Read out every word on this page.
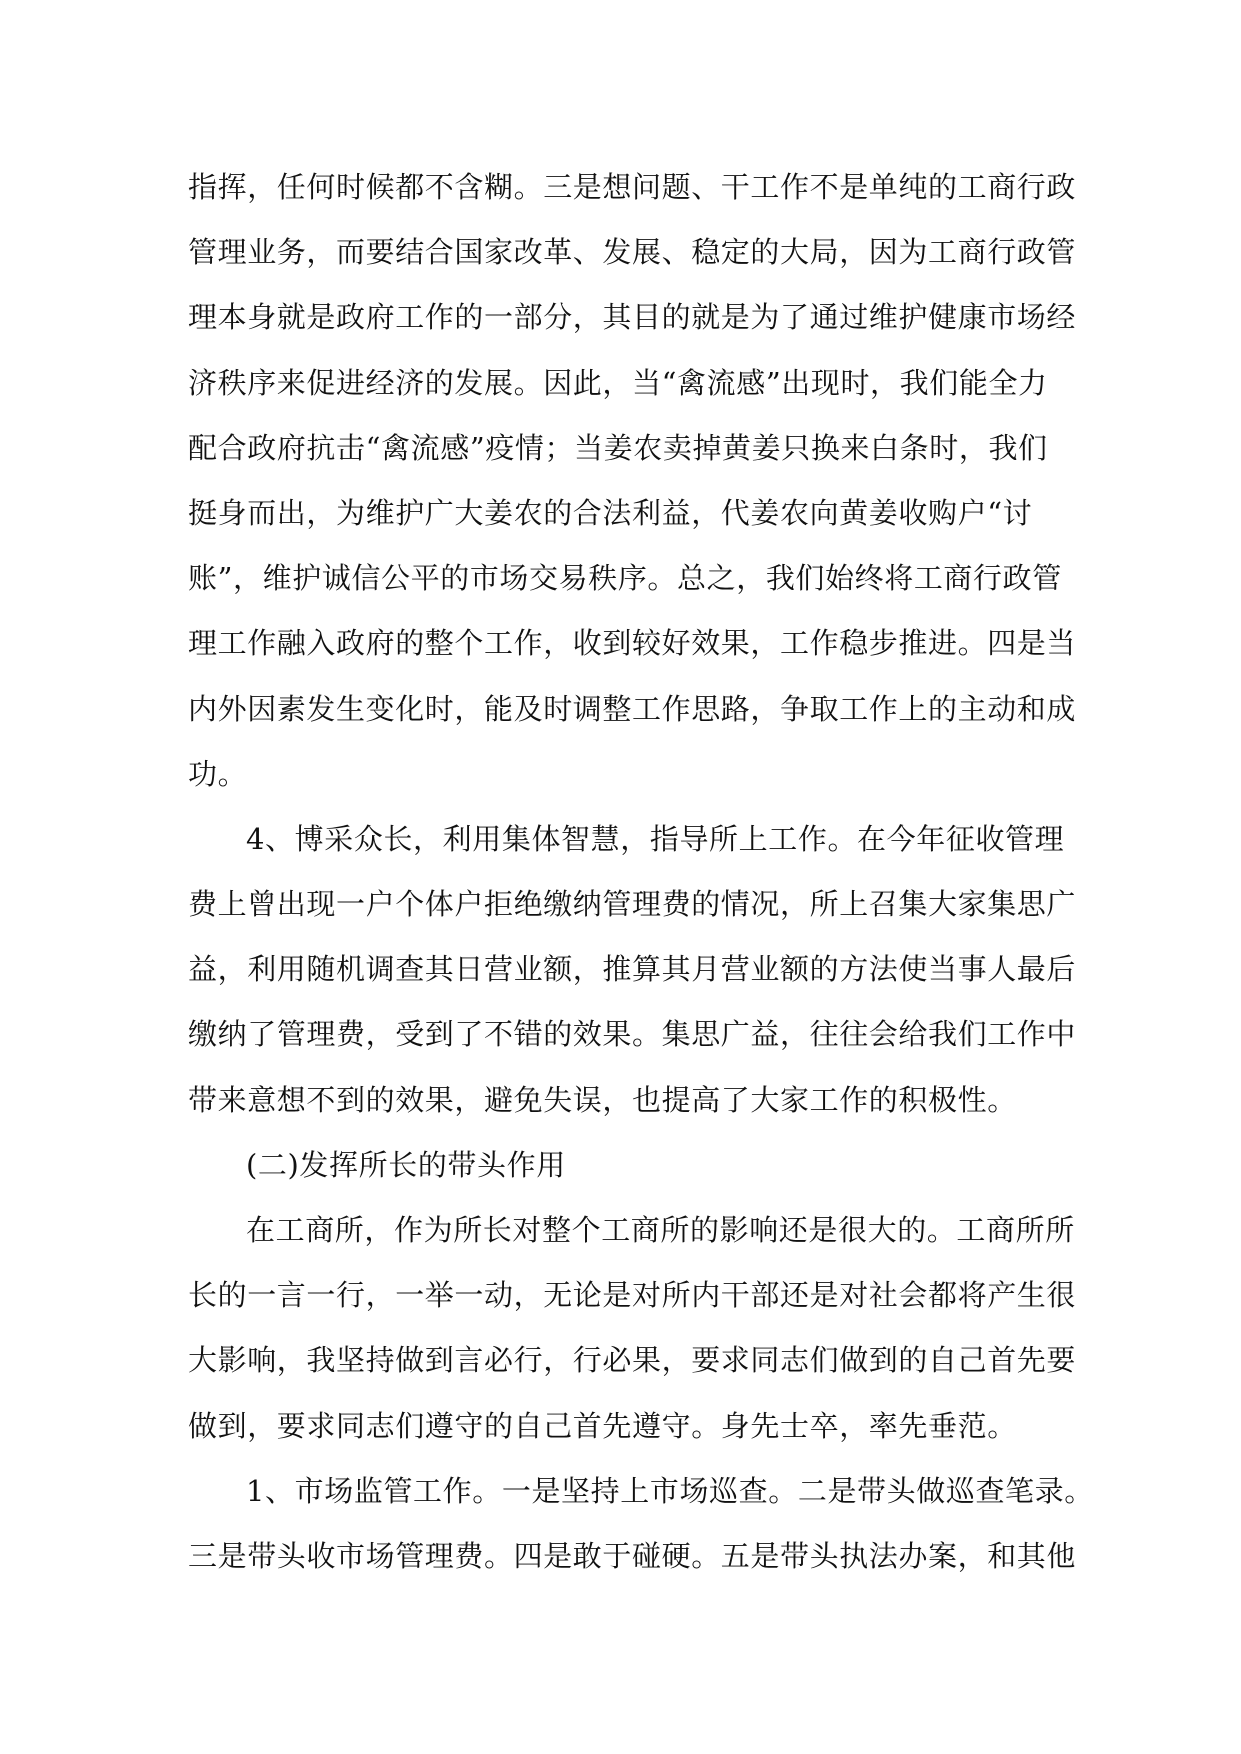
指挥，任何时候都不含糊。三是想问题、干工作不是单纯的工商行政
管理业务，而要结合国家改革、发展、稳定的大局，因为工商行政管
理本身就是政府工作的一部分，其目的就是为了通过维护健康市场经
济秩序来促进经济的发展。因此，当“禽流感”出现时，我们能全力
配合政府抗击“禽流感”疫情；当姜农卖掉黄姜只换来白条时，我们
挺身而出，为维护广大姜农的合法利益，代姜农向黄姜收购户“讨
账”，维护诚信公平的市场交易秩序。总之，我们始终将工商行政管
理工作融入政府的整个工作，收到较好效果，工作稳步推进。四是当
内外因素发生变化时，能及时调整工作思路，争取工作上的主动和成
功。
4、博采众长，利用集体智慧，指导所上工作。在今年征收管理
费上曾出现一户个体户拒绝缴纳管理费的情况，所上召集大家集思广
益，利用随机调查其日营业额，推算其月营业额的方法使当事人最后
缴纳了管理费，受到了不错的效果。集思广益，往往会给我们工作中
带来意想不到的效果，避免失误，也提高了大家工作的积极性。
(二)发挥所长的带头作用
在工商所，作为所长对整个工商所的影响还是很大的。工商所所
长的一言一行，一举一动，无论是对所内干部还是对社会都将产生很
大影响，我坚持做到言必行，行必果，要求同志们做到的自己首先要
做到，要求同志们遵守的自己首先遵守。身先士卒，率先垂范。
1、市场监管工作。一是坚持上市场巡查。二是带头做巡查笔录。
三是带头收市场管理费。四是敢于碰硬。五是带头执法办案，和其他
